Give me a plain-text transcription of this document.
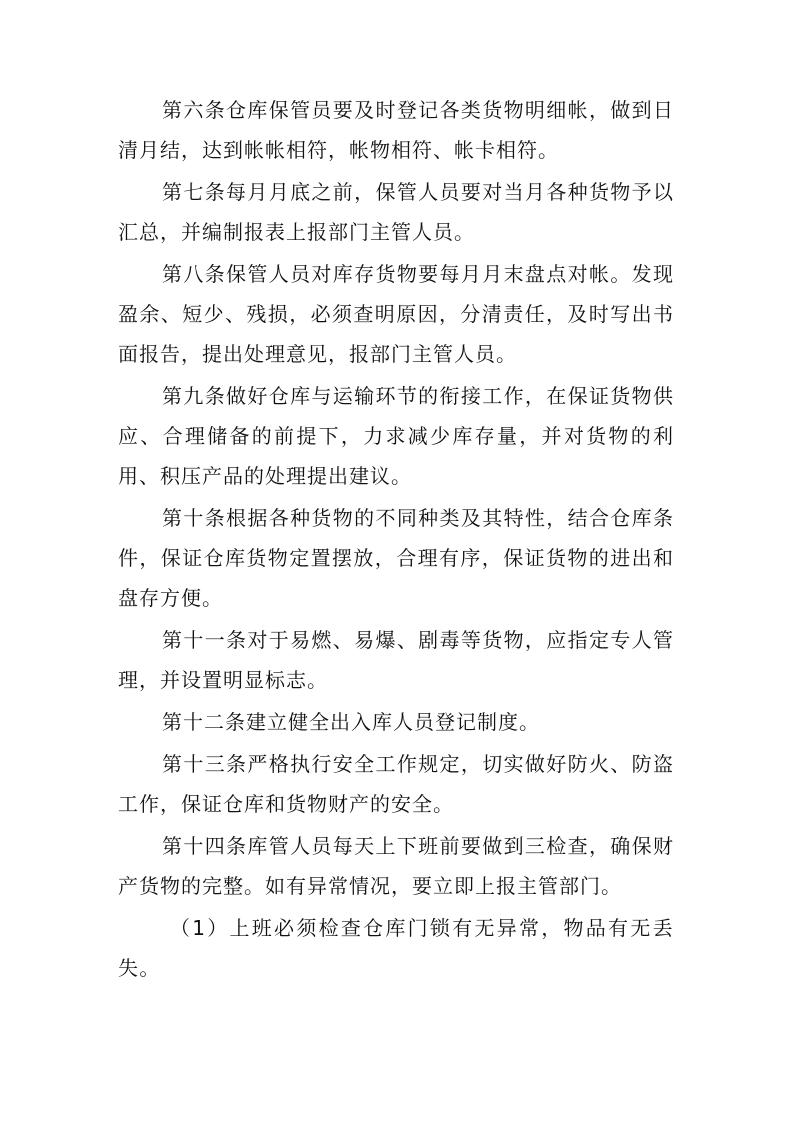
第六条仓库保管员要及时登记各类货物明细帐，做到日清月结，达到帐帐相符，帐物相符、帐卡相符。

第七条每月月底之前，保管人员要对当月各种货物予以汇总，并编制报表上报部门主管人员。

第八条保管人员对库存货物要每月月末盘点对帐。发现盈余、短少、残损，必须查明原因，分清责任，及时写出书面报告，提出处理意见，报部门主管人员。

第九条做好仓库与运输环节的衔接工作，在保证货物供应、合理储备的前提下，力求减少库存量，并对货物的利用、积压产品的处理提出建议。

第十条根据各种货物的不同种类及其特性，结合仓库条件，保证仓库货物定置摆放，合理有序，保证货物的进出和盘存方便。

第十一条对于易燃、易爆、剧毒等货物，应指定专人管理，并设置明显标志。

第十二条建立健全出入库人员登记制度。

第十三条严格执行安全工作规定，切实做好防火、防盗工作，保证仓库和货物财产的安全。

第十四条库管人员每天上下班前要做到三检查，确保财产货物的完整。如有异常情况，要立即上报主管部门。

（1）上班必须检查仓库门锁有无异常，物品有无丢失。
